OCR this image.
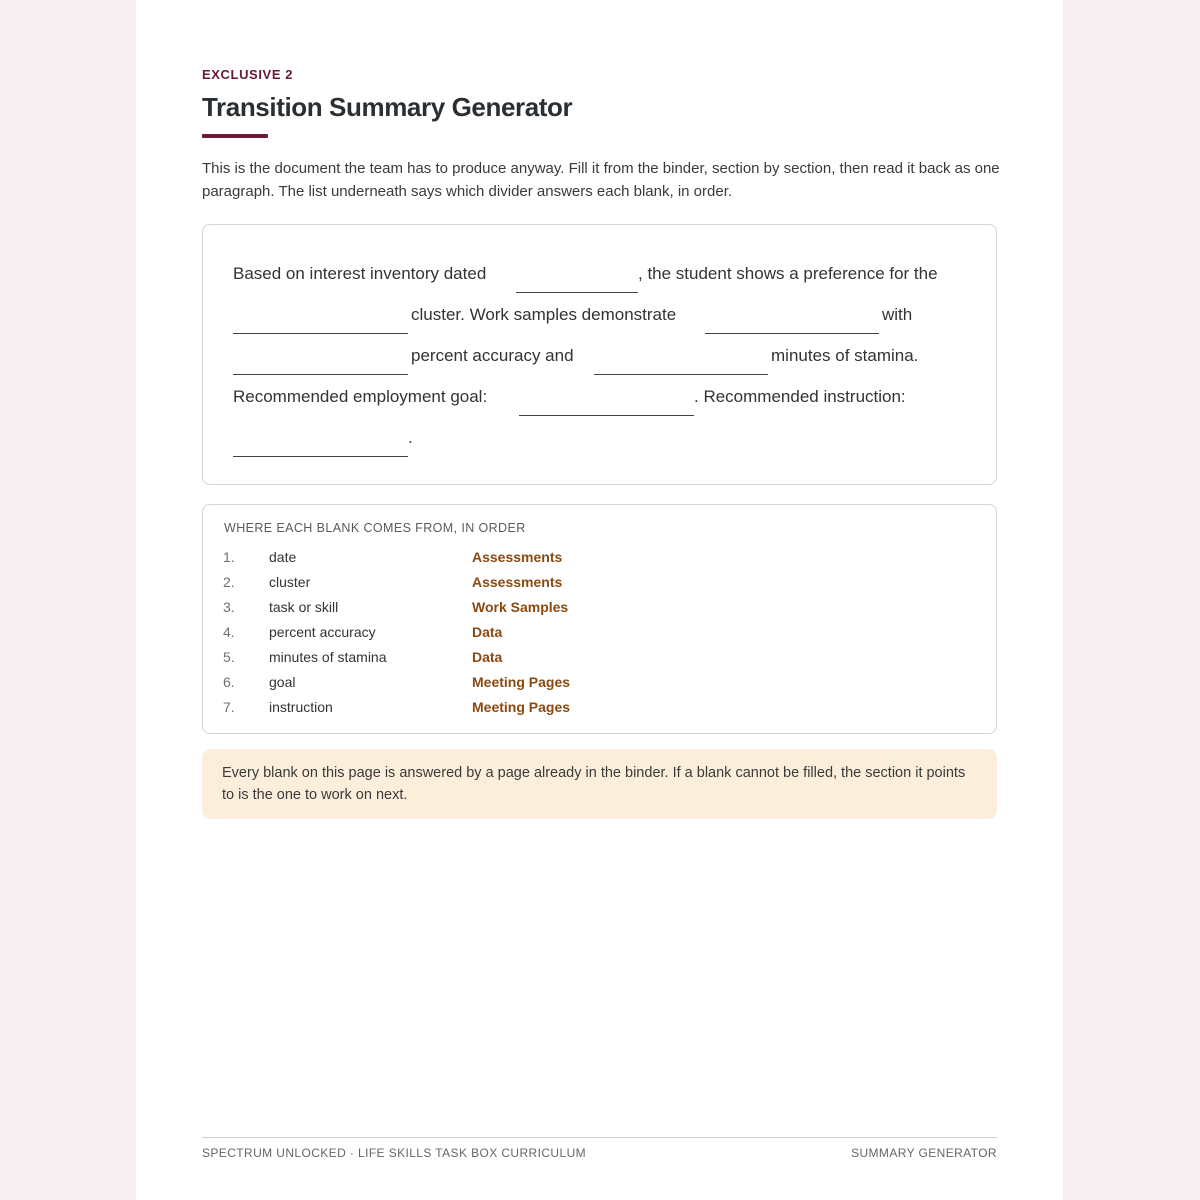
EXCLUSIVE 2
Transition Summary Generator

This is the document the team has to produce anyway. Fill it from the binder, section by section, then read it back as one paragraph. The list underneath says which divider answers each blank, in order.

Based on interest inventory dated	, the student shows a preference for the
cluster. Work samples demonstrate	with
percent accuracy and	minutes of stamina.
Recommended employment goal:	. Recommended instruction:
.
WHERE EACH BLANK COMES FROM, IN ORDER
1. date	Assessments
2. cluster	Assessments
3. task or skill	Work Samples
4. percent accuracy	Data
5. minutes of stamina	Data
6. goal	Meeting Pages
7. instruction	Meeting Pages
Every blank on this page is answered by a page already in the binder. If a blank cannot be filled, the section it points to is the one to work on next.
SPECTRUM UNLOCKED · LIFE SKILLS TASK BOX CURRICULUM	SUMMARY GENERATOR
